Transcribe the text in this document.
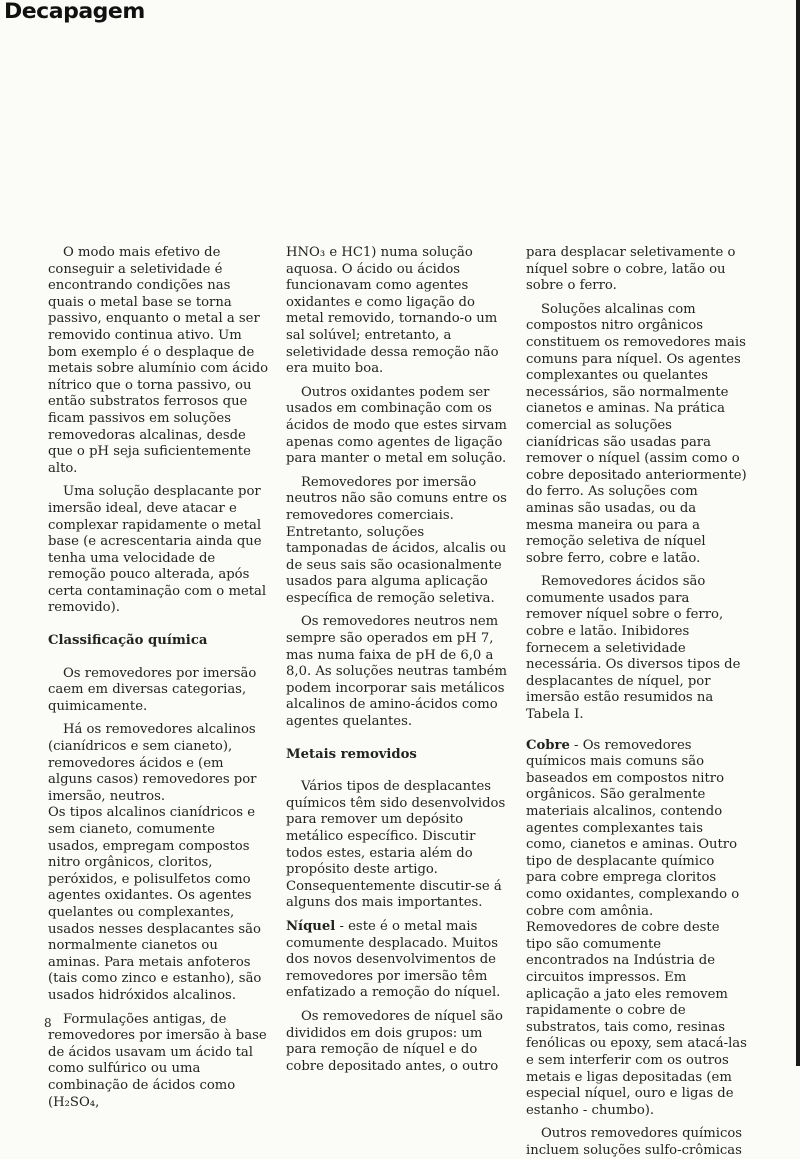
Decapagem

O modo mais efetivo de conseguir a seletividade é encontrando condições nas quais o metal base se torna passivo, enquanto o metal a ser removido continua ativo. Um bom exemplo é o desplaque de metais sobre alumínio com ácido nítrico que o torna passivo, ou então substratos ferrosos que ficam passivos em soluções removedoras alcalinas, desde que o pH seja suficientemente alto.

Uma solução desplacante por imersão ideal, deve atacar e complexar rapidamente o metal base (e acrescentaria ainda que tenha uma velocidade de remoção pouco alterada, após certa contaminação com o metal removido).

Classificação química

Os removedores por imersão caem em diversas categorias, quimicamente.

Há os removedores alcalinos (cianídricos e sem cianeto), removedores ácidos e (em alguns casos) removedores por imersão, neutros.

Os tipos alcalinos cianídricos e sem cianeto, comumente usados, empregam compostos nitro orgânicos, cloritos, peróxidos, e polisulfetos como agentes oxidantes. Os agentes quelantes ou complexantes, usados nesses desplacantes são normalmente cianetos ou aminas. Para metais anfoteros (tais como zinco e estanho), são usados hidróxidos alcalinos.

Formulações antigas, de removedores por imersão à base de ácidos usavam um ácido tal como sulfúrico ou uma combinação de ácidos como (H₂SO₄,

HNO₃ e HC1) numa solução aquosa. O ácido ou ácidos funcionavam como agentes oxidantes e como ligação do metal removido, tornando-o um sal solúvel; entretanto, a seletividade dessa remoção não era muito boa.

Outros oxidantes podem ser usados em combinação com os ácidos de modo que estes sirvam apenas como agentes de ligação para manter o metal em solução.

Removedores por imersão neutros não são comuns entre os removedores comerciais. Entretanto, soluções tamponadas de ácidos, alcalis ou de seus sais são ocasionalmente usados para alguma aplicação específica de remoção seletiva.

Os removedores neutros nem sempre são operados em pH 7, mas numa faixa de pH de 6,0 a 8,0. As soluções neutras também podem incorporar sais metálicos alcalinos de amino-ácidos como agentes quelantes.

Metais removidos

Vários tipos de desplacantes químicos têm sido desenvolvidos para remover um depósito metálico específico. Discutir todos estes, estaria além do propósito deste artigo. Consequentemente discutir-se á alguns dos mais importantes.

Níquel - este é o metal mais comumente desplacado. Muitos dos novos desenvolvimentos de removedores por imersão têm enfatizado a remoção do níquel.

Os removedores de níquel são divididos em dois grupos: um para remoção de níquel e do cobre depositado antes, o outro

para desplacar seletivamente o níquel sobre o cobre, latão ou sobre o ferro.

Soluções alcalinas com compostos nitro orgânicos constituem os removedores mais comuns para níquel. Os agentes complexantes ou quelantes necessários, são normalmente cianetos e aminas. Na prática comercial as soluções cianídricas são usadas para remover o níquel (assim como o cobre depositado anteriormente) do ferro. As soluções com aminas são usadas, ou da mesma maneira ou para a remoção seletiva de níquel sobre ferro, cobre e latão.

Removedores ácidos são comumente usados para remover níquel sobre o ferro, cobre e latão. Inibidores fornecem a seletividade necessária. Os diversos tipos de desplacantes de níquel, por imersão estão resumidos na Tabela I.

Cobre - Os removedores químicos mais comuns são baseados em compostos nitro orgânicos. São geralmente materiais alcalinos, contendo agentes complexantes tais como, cianetos e aminas. Outro tipo de desplacante químico para cobre emprega cloritos como oxidantes, complexando o cobre com amônia. Removedores de cobre deste tipo são comumente encontrados na Indústria de circuitos impressos. Em aplicação a jato eles removem rapidamente o cobre de substratos, tais como, resinas fenólicas ou epoxy, sem atacá-las e sem interferir com os outros metais e ligas depositadas (em especial níquel, ouro e ligas de estanho - chumbo).

Outros removedores químicos incluem soluções sulfo-crômicas

8
